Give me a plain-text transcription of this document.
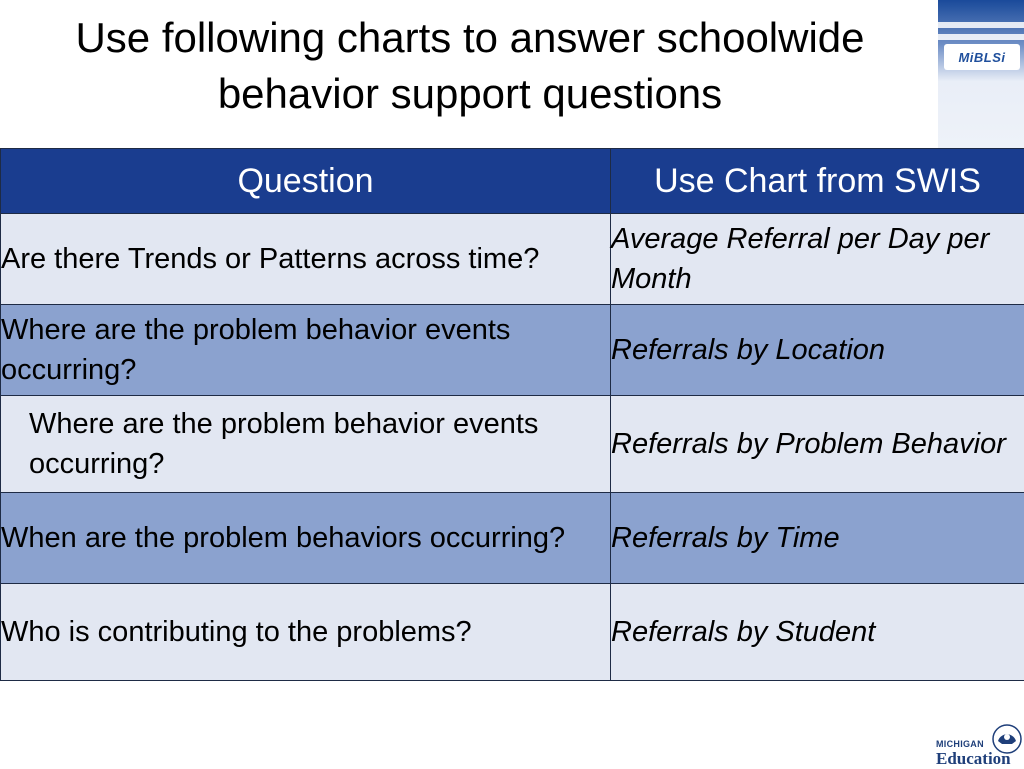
Use following charts to answer schoolwide
behavior support questions
MiBLSi
Question	Use Chart from SWIS
Are there Trends or Patterns across time?	Average Referral per Day per Month
Where are the problem behavior events occurring?	Referrals by Location
Where are the problem behavior events occurring?	Referrals by Problem Behavior
When are the problem behaviors occurring?	Referrals by Time
Who is contributing to the problems?	Referrals by Student
MICHIGAN
Education
